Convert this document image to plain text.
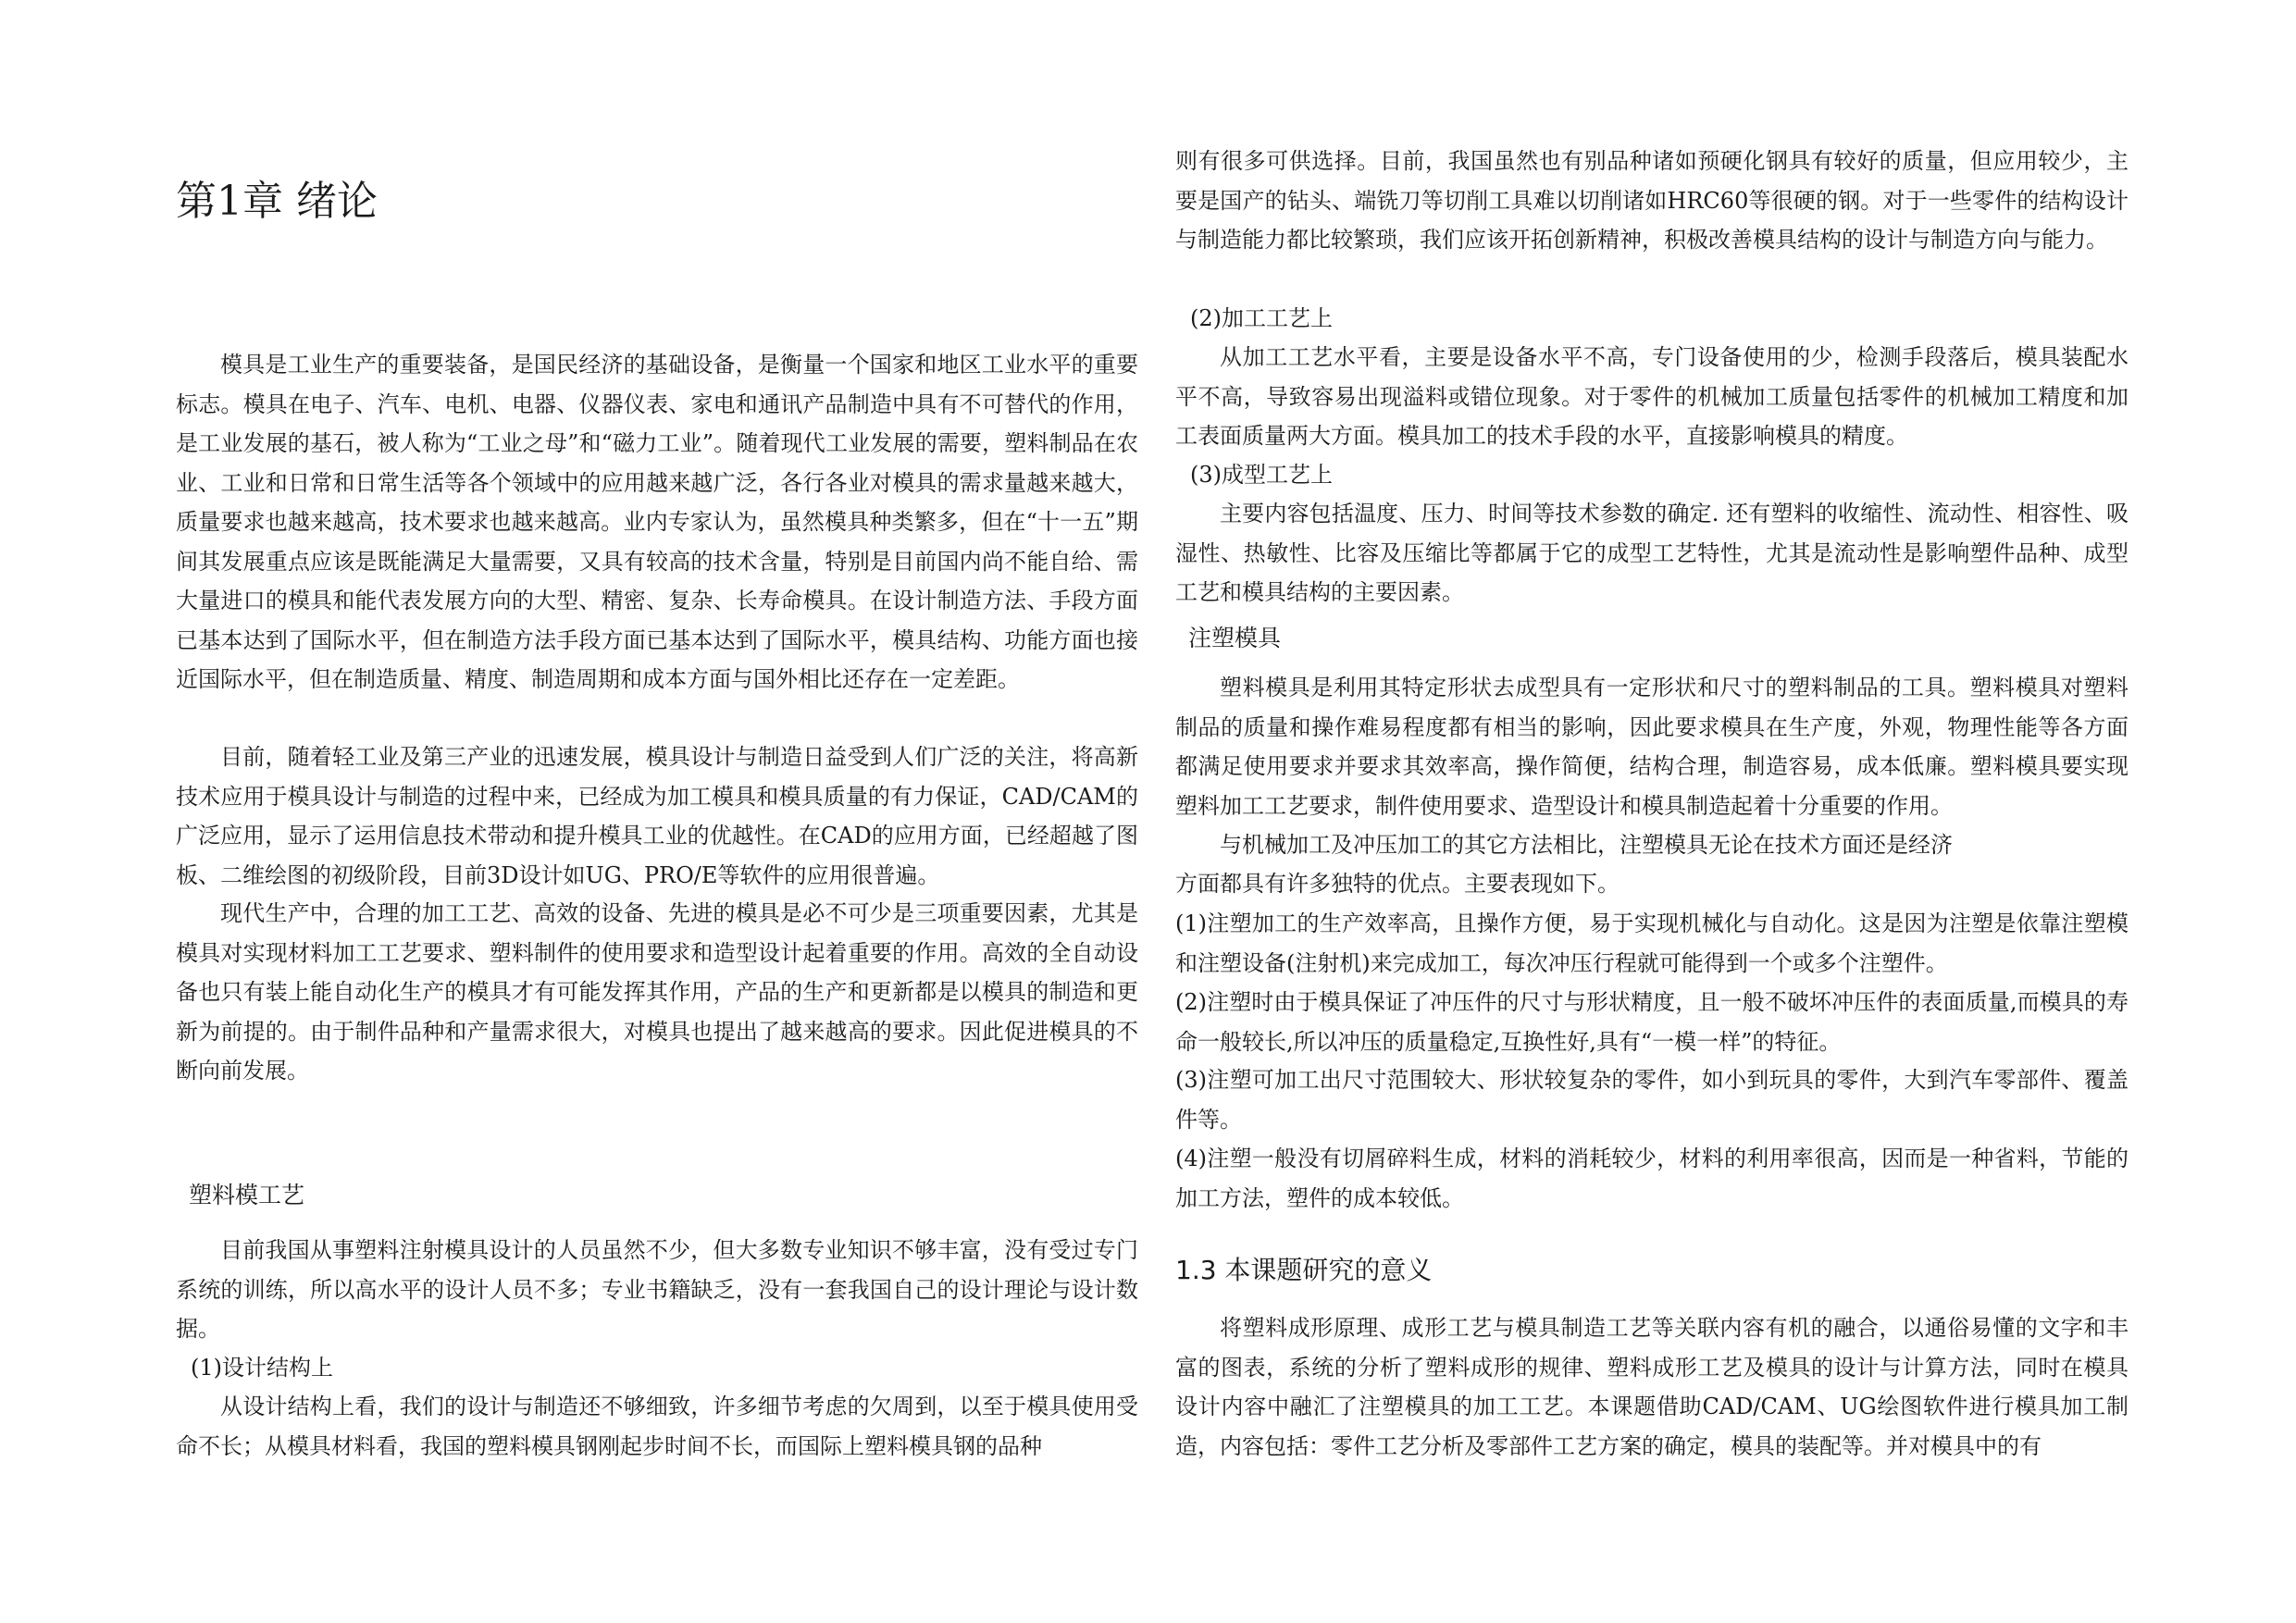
第1章 绪论

模具是工业生产的重要装备，是国民经济的基础设备，是衡量一个国家和地区工业水平的重要标志。模具在电子、汽车、电机、电器、仪器仪表、家电和通讯产品制造中具有不可替代的作用，是工业发展的基石，被人称为“工业之母”和“磁力工业”。随着现代工业发展的需要，塑料制品在农业、工业和日常和日常生活等各个领域中的应用越来越广泛，各行各业对模具的需求量越来越大，质量要求也越来越高，技术要求也越来越高。业内专家认为，虽然模具种类繁多，但在“十一五”期间其发展重点应该是既能满足大量需要，又具有较高的技术含量，特别是目前国内尚不能自给、需大量进口的模具和能代表发展方向的大型、精密、复杂、长寿命模具。在设计制造方法、手段方面已基本达到了国际水平，但在制造方法手段方面已基本达到了国际水平，模具结构、功能方面也接近国际水平，但在制造质量、精度、制造周期和成本方面与国外相比还存在一定差距。

目前，随着轻工业及第三产业的迅速发展，模具设计与制造日益受到人们广泛的关注，将高新技术应用于模具设计与制造的过程中来，已经成为加工模具和模具质量的有力保证，CAD/CAM的广泛应用，显示了运用信息技术带动和提升模具工业的优越性。在CAD的应用方面，已经超越了图板、二维绘图的初级阶段，目前3D设计如UG、PRO/E等软件的应用很普遍。

现代生产中，合理的加工工艺、高效的设备、先进的模具是必不可少是三项重要因素，尤其是模具对实现材料加工工艺要求、塑料制件的使用要求和造型设计起着重要的作用。高效的全自动设备也只有装上能自动化生产的模具才有可能发挥其作用，产品的生产和更新都是以模具的制造和更新为前提的。由于制件品种和产量需求很大，对模具也提出了越来越高的要求。因此促进模具的不断向前发展。

塑料模工艺

目前我国从事塑料注射模具设计的人员虽然不少，但大多数专业知识不够丰富，没有受过专门系统的训练，所以高水平的设计人员不多；专业书籍缺乏，没有一套我国自己的设计理论与设计数据。

(1)设计结构上

从设计结构上看，我们的设计与制造还不够细致，许多细节考虑的欠周到，以至于模具使用受命不长；从模具材料看，我国的塑料模具钢刚起步时间不长，而国际上塑料模具钢的品种

则有很多可供选择。目前，我国虽然也有别品种诸如预硬化钢具有较好的质量，但应用较少，主要是国产的钻头、端铣刀等切削工具难以切削诸如HRC60等很硬的钢。对于一些零件的结构设计与制造能力都比较繁琐，我们应该开拓创新精神，积极改善模具结构的设计与制造方向与能力。

(2)加工工艺上

从加工工艺水平看，主要是设备水平不高，专门设备使用的少，检测手段落后，模具装配水平不高，导致容易出现溢料或错位现象。对于零件的机械加工质量包括零件的机械加工精度和加工表面质量两大方面。模具加工的技术手段的水平，直接影响模具的精度。

(3)成型工艺上

主要内容包括温度、压力、时间等技术参数的确定. 还有塑料的收缩性、流动性、相容性、吸湿性、热敏性、比容及压缩比等都属于它的成型工艺特性，尤其是流动性是影响塑件品种、成型工艺和模具结构的主要因素。

注塑模具

塑料模具是利用其特定形状去成型具有一定形状和尺寸的塑料制品的工具。塑料模具对塑料制品的质量和操作难易程度都有相当的影响，因此要求模具在生产度，外观，物理性能等各方面都满足使用要求并要求其效率高，操作简便，结构合理，制造容易，成本低廉。塑料模具要实现塑料加工工艺要求，制件使用要求、造型设计和模具制造起着十分重要的作用。

与机械加工及冲压加工的其它方法相比，注塑模具无论在技术方面还是经济

方面都具有许多独特的优点。主要表现如下。

(1)注塑加工的生产效率高，且操作方便，易于实现机械化与自动化。这是因为注塑是依靠注塑模和注塑设备(注射机)来完成加工，每次冲压行程就可能得到一个或多个注塑件。

(2)注塑时由于模具保证了冲压件的尺寸与形状精度，且一般不破坏冲压件的表面质量,而模具的寿命一般较长,所以冲压的质量稳定,互换性好,具有“一模一样”的特征。

(3)注塑可加工出尺寸范围较大、形状较复杂的零件，如小到玩具的零件，大到汽车零部件、覆盖件等。

(4)注塑一般没有切屑碎料生成，材料的消耗较少，材料的利用率很高，因而是一种省料，节能的加工方法，塑件的成本较低。

1.3 本课题研究的意义

将塑料成形原理、成形工艺与模具制造工艺等关联内容有机的融合，以通俗易懂的文字和丰富的图表，系统的分析了塑料成形的规律、塑料成形工艺及模具的设计与计算方法，同时在模具设计内容中融汇了注塑模具的加工工艺。本课题借助CAD/CAM、UG绘图软件进行模具加工制造，内容包括：零件工艺分析及零部件工艺方案的确定，模具的装配等。并对模具中的有
